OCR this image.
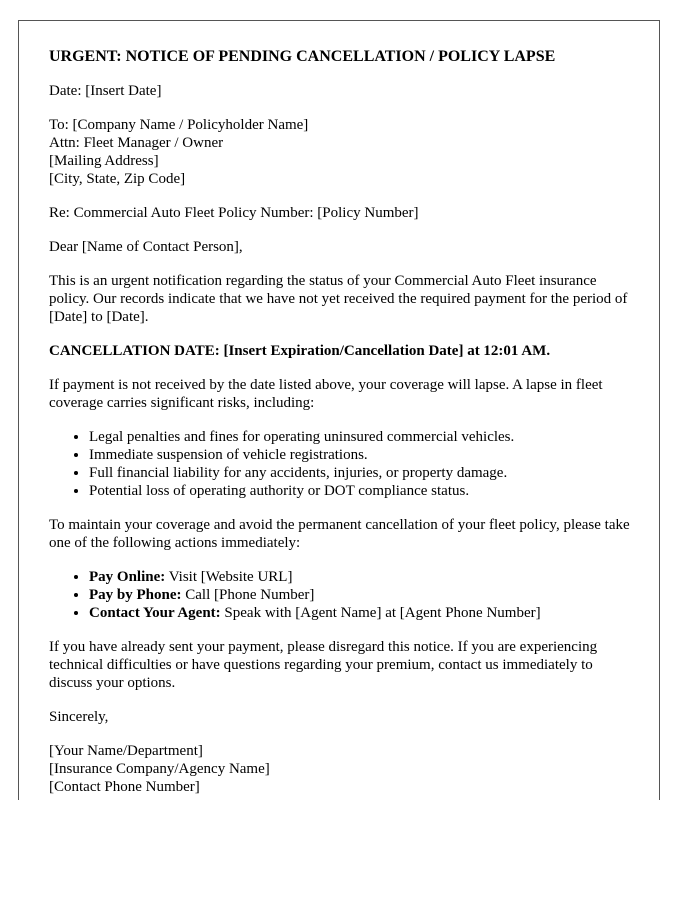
URGENT: NOTICE OF PENDING CANCELLATION / POLICY LAPSE

Date: [Insert Date]

To: [Company Name / Policyholder Name]
Attn: Fleet Manager / Owner
[Mailing Address]
[City, State, Zip Code]

Re: Commercial Auto Fleet Policy Number: [Policy Number]

Dear [Name of Contact Person],

This is an urgent notification regarding the status of your Commercial Auto Fleet insurance policy. Our records indicate that we have not yet received the required payment for the period of [Date] to [Date].

CANCELLATION DATE: [Insert Expiration/Cancellation Date] at 12:01 AM.

If payment is not received by the date listed above, your coverage will lapse. A lapse in fleet coverage carries significant risks, including:

• Legal penalties and fines for operating uninsured commercial vehicles.
• Immediate suspension of vehicle registrations.
• Full financial liability for any accidents, injuries, or property damage.
• Potential loss of operating authority or DOT compliance status.

To maintain your coverage and avoid the permanent cancellation of your fleet policy, please take one of the following actions immediately:

• Pay Online: Visit [Website URL]
• Pay by Phone: Call [Phone Number]
• Contact Your Agent: Speak with [Agent Name] at [Agent Phone Number]

If you have already sent your payment, please disregard this notice. If you are experiencing technical difficulties or have questions regarding your premium, contact us immediately to discuss your options.

Sincerely,

[Your Name/Department]
[Insurance Company/Agency Name]
[Contact Phone Number]
